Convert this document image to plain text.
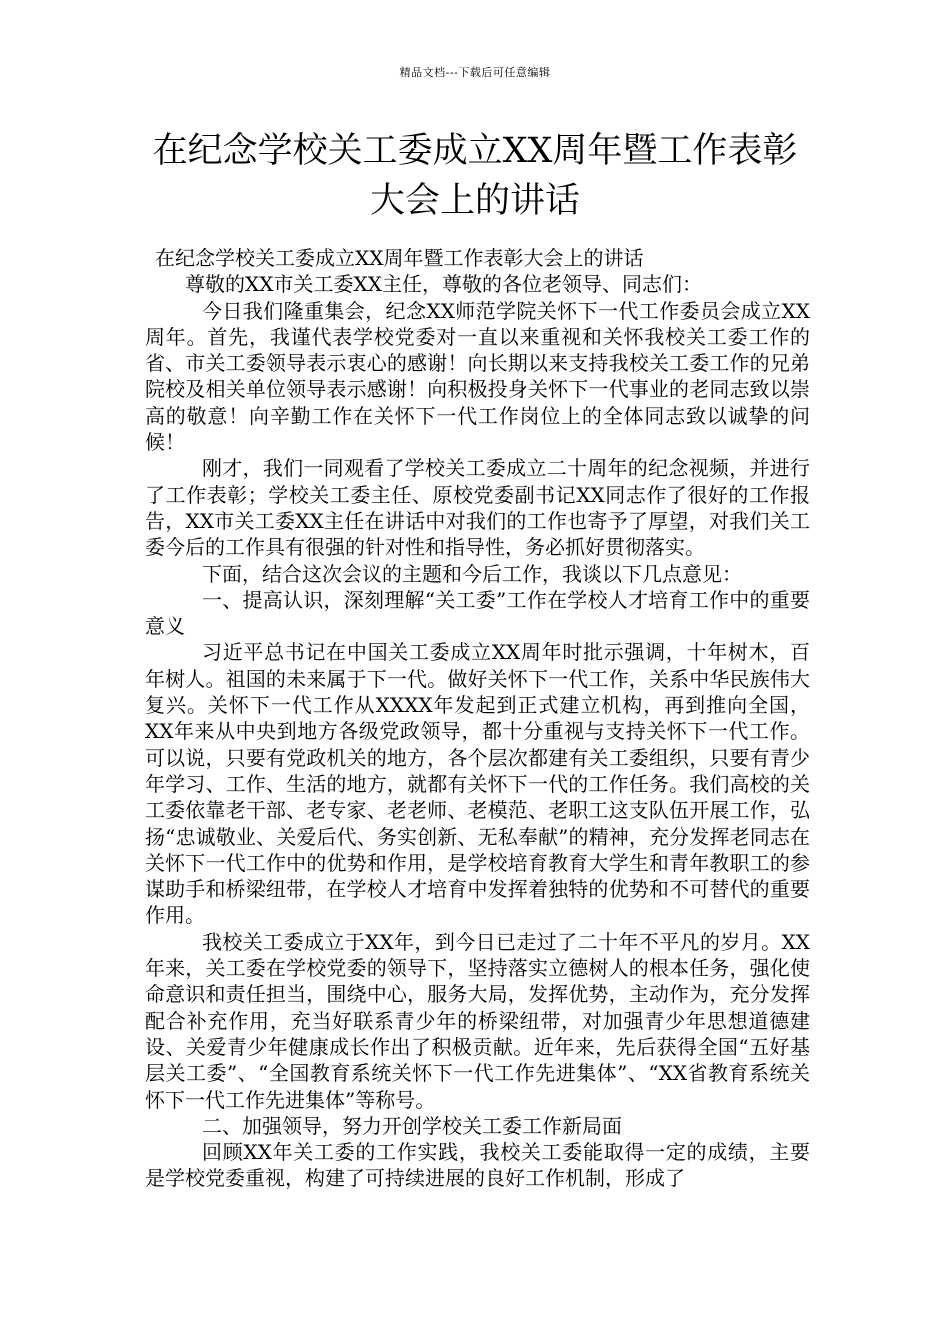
精品文档---下载后可任意编辑
在纪念学校关工委成立XX周年暨工作表彰大会上的讲话

在纪念学校关工委成立XX周年暨工作表彰大会上的讲话

尊敬的XX市关工委XX主任，尊敬的各位老领导、同志们：

今日我们隆重集会，纪念XX师范学院关怀下一代工作委员会成立XX周年。首先，我谨代表学校党委对一直以来重视和关怀我校关工委工作的省、市关工委领导表示衷心的感谢！向长期以来支持我校关工委工作的兄弟院校及相关单位领导表示感谢！向积极投身关怀下一代事业的老同志致以崇高的敬意！向辛勤工作在关怀下一代工作岗位上的全体同志致以诚挚的问候！

刚才，我们一同观看了学校关工委成立二十周年的纪念视频，并进行了工作表彰；学校关工委主任、原校党委副书记XX同志作了很好的工作报告，XX市关工委XX主任在讲话中对我们的工作也寄予了厚望，对我们关工委今后的工作具有很强的针对性和指导性，务必抓好贯彻落实。

下面，结合这次会议的主题和今后工作，我谈以下几点意见：

一、提高认识，深刻理解“关工委”工作在学校人才培育工作中的重要意义

习近平总书记在中国关工委成立XX周年时批示强调，十年树木，百年树人。祖国的未来属于下一代。做好关怀下一代工作，关系中华民族伟大复兴。关怀下一代工作从XXXX年发起到正式建立机构，再到推向全国，XX年来从中央到地方各级党政领导，都十分重视与支持关怀下一代工作。可以说，只要有党政机关的地方，各个层次都建有关工委组织，只要有青少年学习、工作、生活的地方，就都有关怀下一代的工作任务。我们高校的关工委依靠老干部、老专家、老老师、老模范、老职工这支队伍开展工作，弘扬“忠诚敬业、关爱后代、务实创新、无私奉献”的精神，充分发挥老同志在关怀下一代工作中的优势和作用，是学校培育教育大学生和青年教职工的参谋助手和桥梁纽带，在学校人才培育中发挥着独特的优势和不可替代的重要作用。

我校关工委成立于XX年，到今日已走过了二十年不平凡的岁月。XX年来，关工委在学校党委的领导下，坚持落实立德树人的根本任务，强化使命意识和责任担当，围绕中心，服务大局，发挥优势，主动作为，充分发挥配合补充作用，充当好联系青少年的桥梁纽带，对加强青少年思想道德建设、关爱青少年健康成长作出了积极贡献。近年来，先后获得全国“五好基层关工委”、“全国教育系统关怀下一代工作先进集体”、“XX省教育系统关怀下一代工作先进集体”等称号。

二、加强领导，努力开创学校关工委工作新局面

回顾XX年关工委的工作实践，我校关工委能取得一定的成绩，主要是学校党委重视，构建了可持续进展的良好工作机制，形成了
